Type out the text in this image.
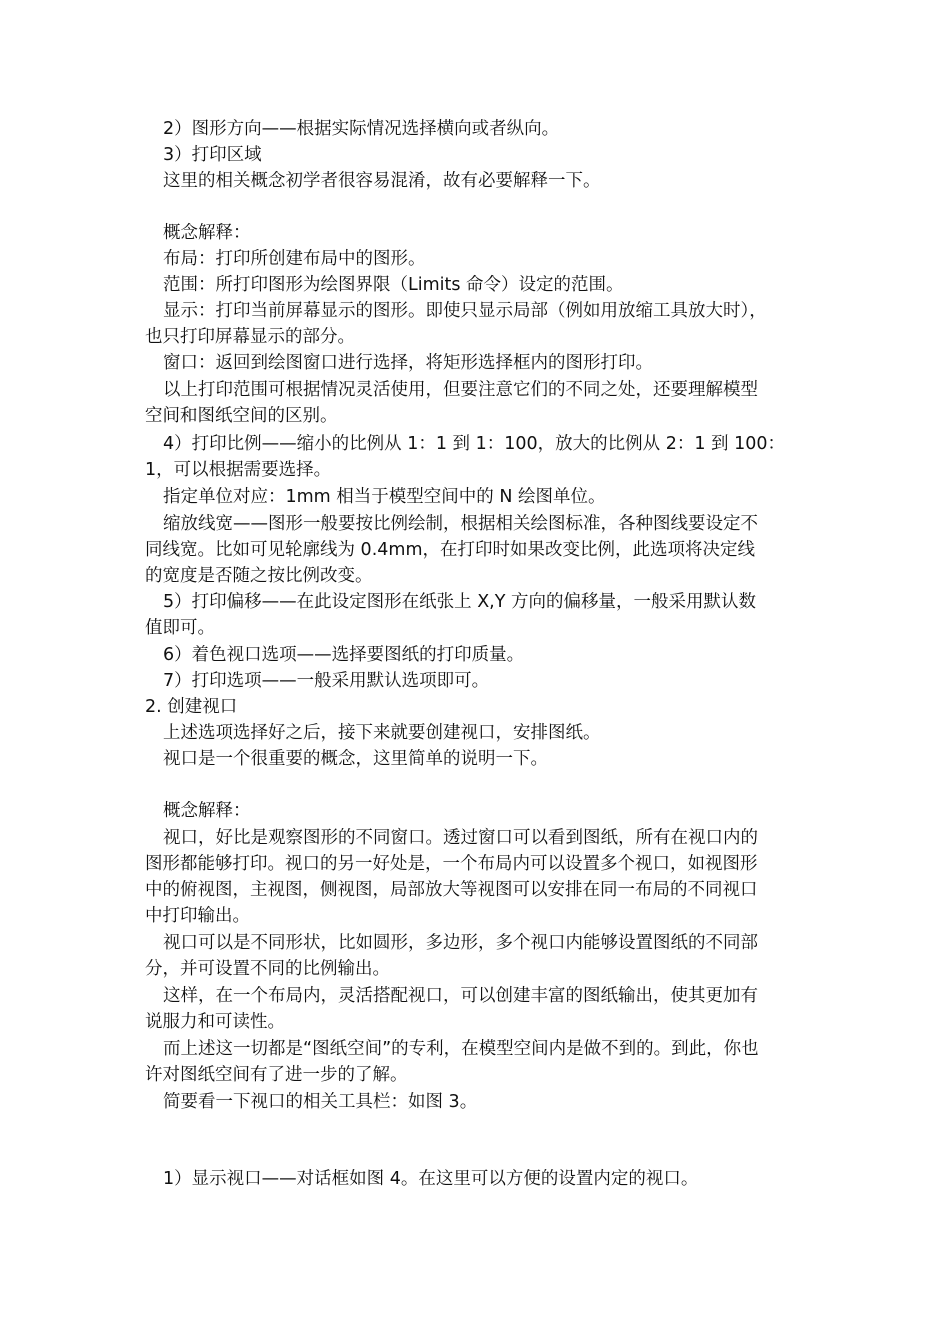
2）图形方向——根据实际情况选择横向或者纵向。
3）打印区域
这里的相关概念初学者很容易混淆，故有必要解释一下。
概念解释：
布局：打印所创建布局中的图形。
范围：所打印图形为绘图界限（Limits 命令）设定的范围。
显示：打印当前屏幕显示的图形。即使只显示局部（例如用放缩工具放大时），
也只打印屏幕显示的部分。
窗口：返回到绘图窗口进行选择，将矩形选择框内的图形打印。
以上打印范围可根据情况灵活使用，但要注意它们的不同之处，还要理解模型
空间和图纸空间的区别。
4）打印比例——缩小的比例从 1：1 到 1：100，放大的比例从 2：1 到 100：
1，可以根据需要选择。
指定单位对应：1mm 相当于模型空间中的 N 绘图单位。
缩放线宽——图形一般要按比例绘制，根据相关绘图标准，各种图线要设定不
同线宽。比如可见轮廓线为 0.4mm，在打印时如果改变比例，此选项将决定线
的宽度是否随之按比例改变。
5）打印偏移——在此设定图形在纸张上 X,Y 方向的偏移量，一般采用默认数
值即可。
6）着色视口选项——选择要图纸的打印质量。
7）打印选项——一般采用默认选项即可。
2. 创建视口
上述选项选择好之后，接下来就要创建视口，安排图纸。
视口是一个很重要的概念，这里简单的说明一下。
概念解释：
视口，好比是观察图形的不同窗口。透过窗口可以看到图纸，所有在视口内的
图形都能够打印。视口的另一好处是，一个布局内可以设置多个视口，如视图形
中的俯视图，主视图，侧视图，局部放大等视图可以安排在同一布局的不同视口
中打印输出。
视口可以是不同形状，比如圆形，多边形，多个视口内能够设置图纸的不同部
分，并可设置不同的比例输出。
这样，在一个布局内，灵活搭配视口，可以创建丰富的图纸输出，使其更加有
说服力和可读性。
而上述这一切都是“图纸空间”的专利，在模型空间内是做不到的。到此，你也
许对图纸空间有了进一步的了解。
简要看一下视口的相关工具栏：如图 3。
1）显示视口——对话框如图 4。在这里可以方便的设置内定的视口。
